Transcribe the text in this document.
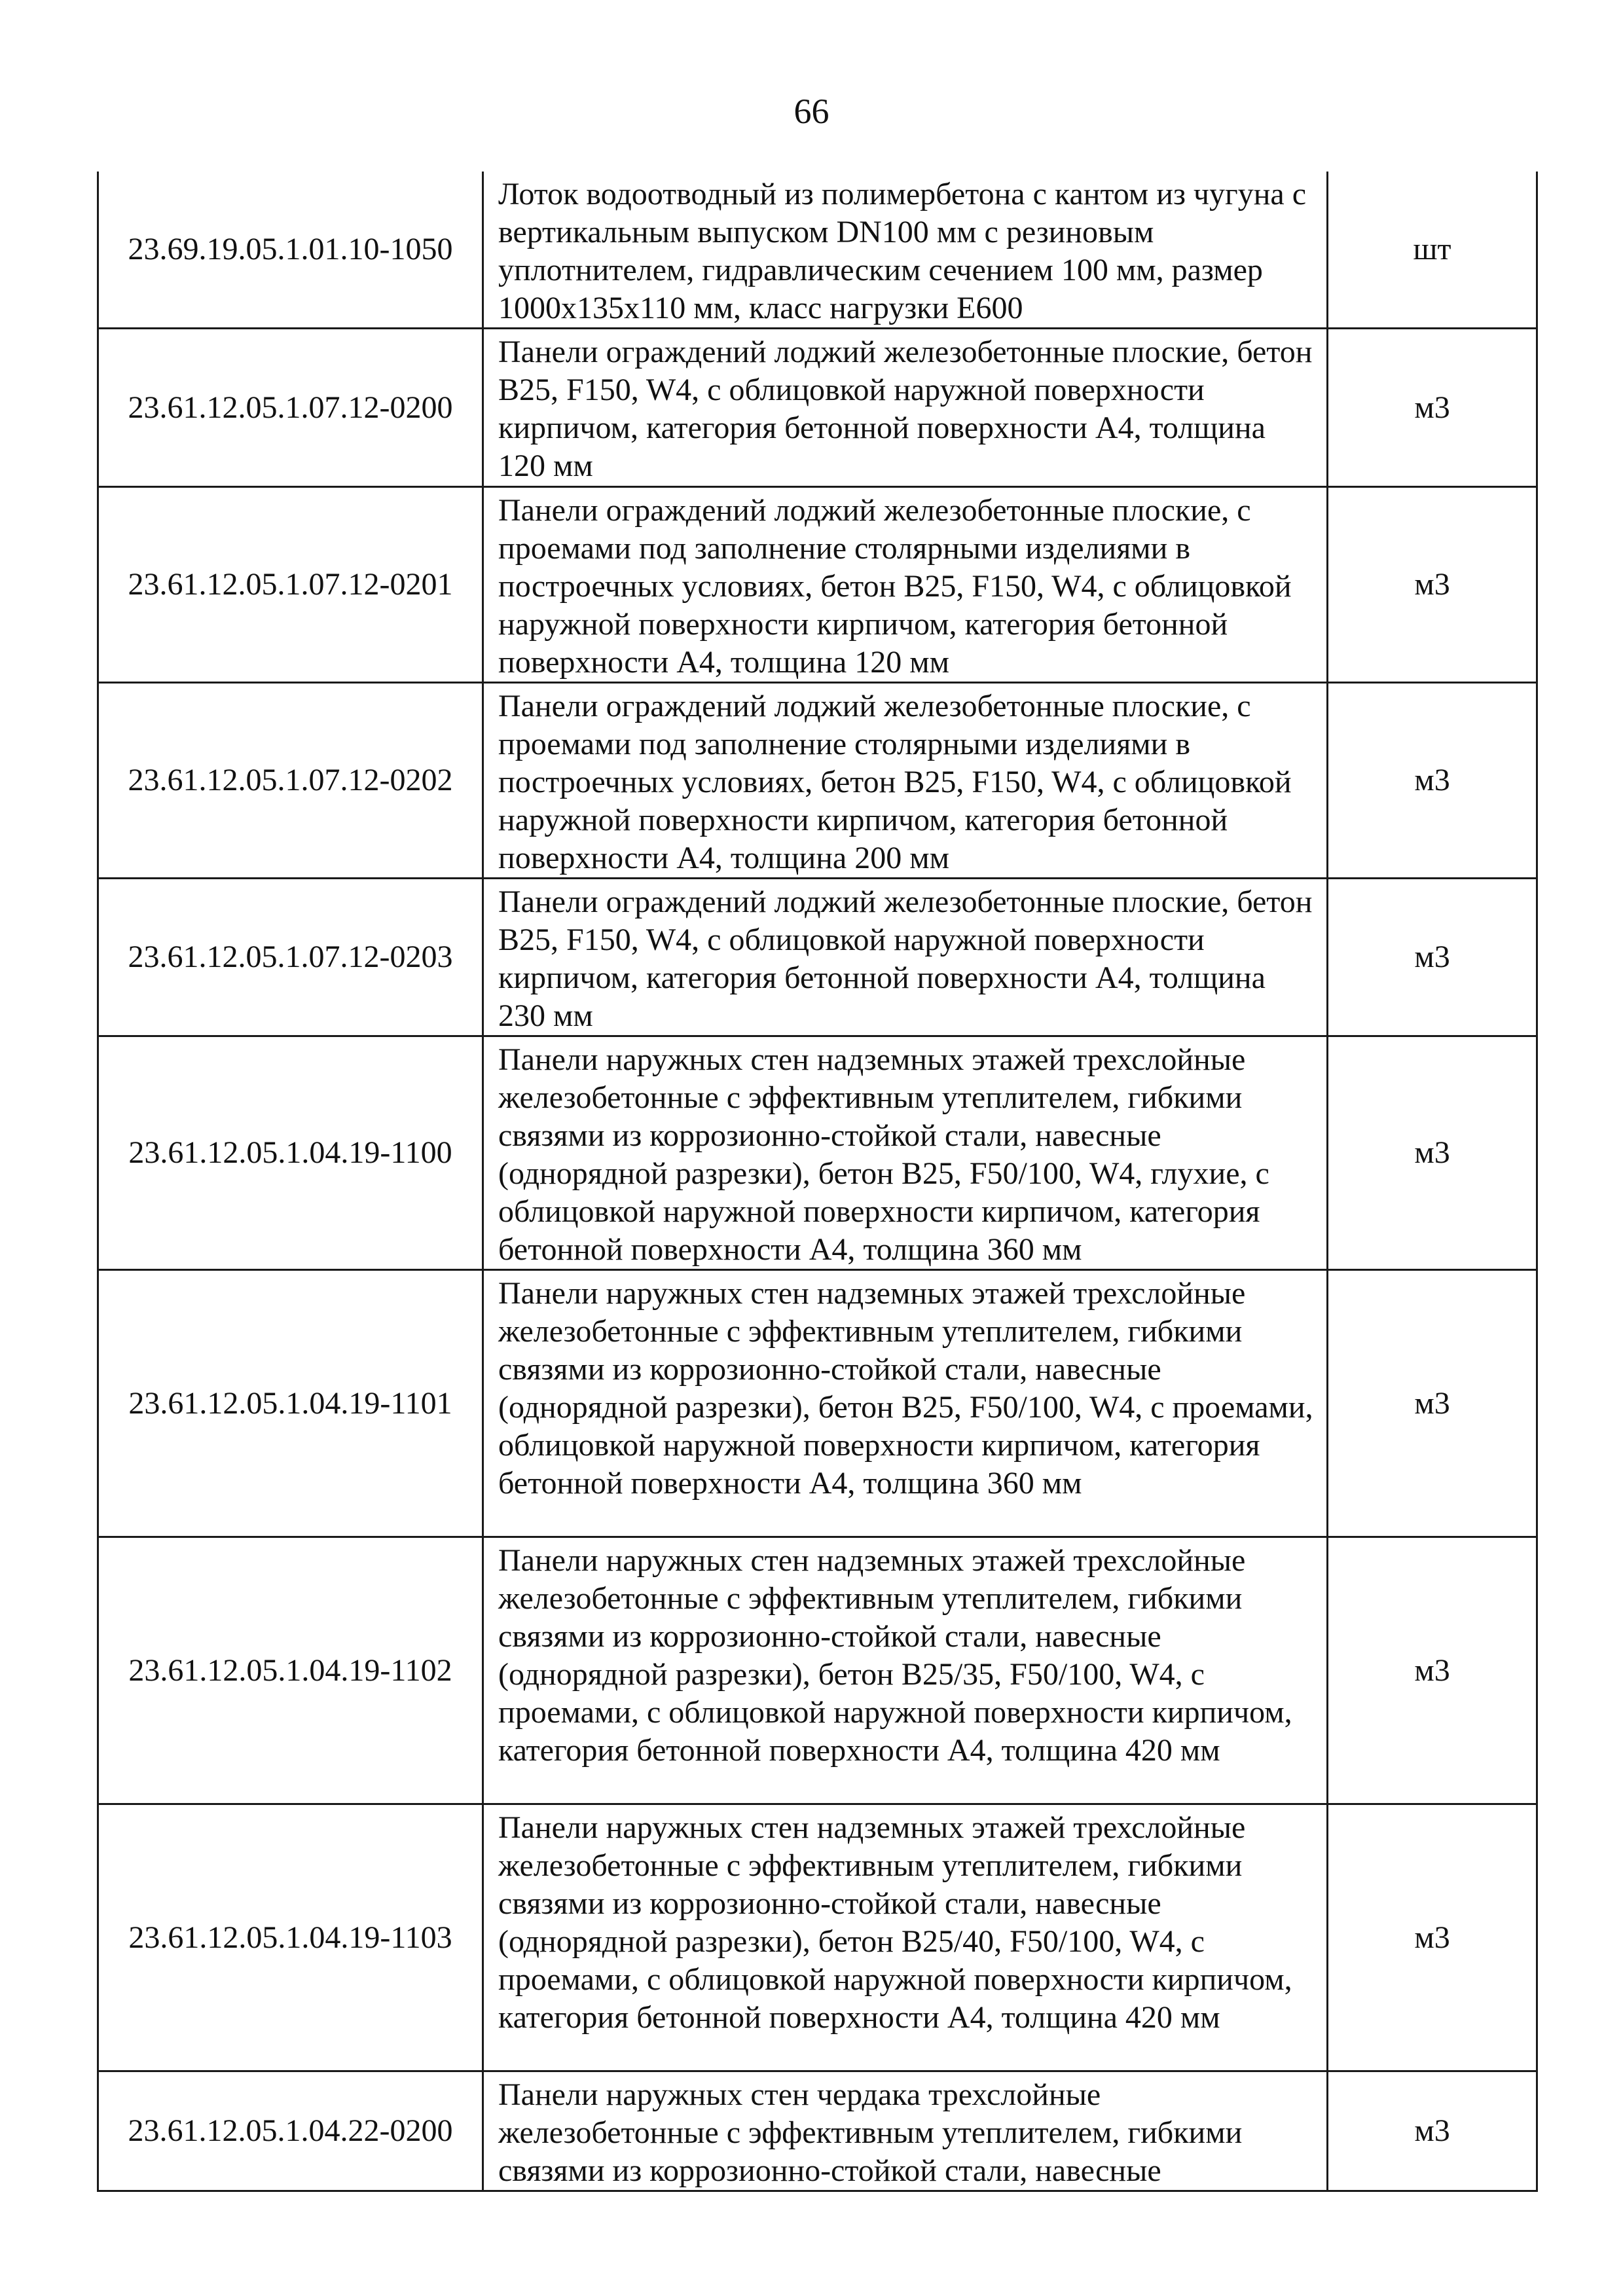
66
23.69.19.05.1.01.10-1050	Лоток водоотводный из полимербетона с кантом из чугуна с вертикальным выпуском DN100 мм с резиновым уплотнителем, гидравлическим сечением 100 мм, размер 1000x135x110 мм, класс нагрузки Е600	шт
23.61.12.05.1.07.12-0200	Панели ограждений лоджий железобетонные плоские, бетон В25, F150, W4, с облицовкой наружной поверхности кирпичом, категория бетонной поверхности А4, толщина 120 мм	м3
23.61.12.05.1.07.12-0201	Панели ограждений лоджий железобетонные плоские, с проемами под заполнение столярными изделиями в построечных условиях, бетон В25, F150, W4, с облицовкой наружной поверхности кирпичом, категория бетонной поверхности А4, толщина 120 мм	м3
23.61.12.05.1.07.12-0202	Панели ограждений лоджий железобетонные плоские, с проемами под заполнение столярными изделиями в построечных условиях, бетон В25, F150, W4, с облицовкой наружной поверхности кирпичом, категория бетонной поверхности А4, толщина 200 мм	м3
23.61.12.05.1.07.12-0203	Панели ограждений лоджий железобетонные плоские, бетон В25, F150, W4, с облицовкой наружной поверхности кирпичом, категория бетонной поверхности А4, толщина 230 мм	м3
23.61.12.05.1.04.19-1100	Панели наружных стен надземных этажей трехслойные железобетонные с эффективным утеплителем, гибкими связями из коррозионно-стойкой стали, навесные (однорядной разрезки), бетон В25, F50/100, W4, глухие, с облицовкой наружной поверхности кирпичом, категория бетонной поверхности А4, толщина 360 мм	м3
23.61.12.05.1.04.19-1101	Панели наружных стен надземных этажей трехслойные железобетонные с эффективным утеплителем, гибкими связями из коррозионно-стойкой стали, навесные (однорядной разрезки), бетон В25, F50/100, W4, с проемами, облицовкой наружной поверхности кирпичом, категория бетонной поверхности А4, толщина 360 мм	м3
23.61.12.05.1.04.19-1102	Панели наружных стен надземных этажей трехслойные железобетонные с эффективным утеплителем, гибкими связями из коррозионно-стойкой стали, навесные (однорядной разрезки), бетон В25/35, F50/100, W4, с проемами, с облицовкой наружной поверхности кирпичом, категория бетонной поверхности А4, толщина 420 мм	м3
23.61.12.05.1.04.19-1103	Панели наружных стен надземных этажей трехслойные железобетонные с эффективным утеплителем, гибкими связями из коррозионно-стойкой стали, навесные (однорядной разрезки), бетон В25/40, F50/100, W4, с проемами, с облицовкой наружной поверхности кирпичом, категория бетонной поверхности А4, толщина 420 мм	м3
23.61.12.05.1.04.22-0200	Панели наружных стен чердака трехслойные железобетонные с эффективным утеплителем, гибкими связями из коррозионно-стойкой стали, навесные	м3
